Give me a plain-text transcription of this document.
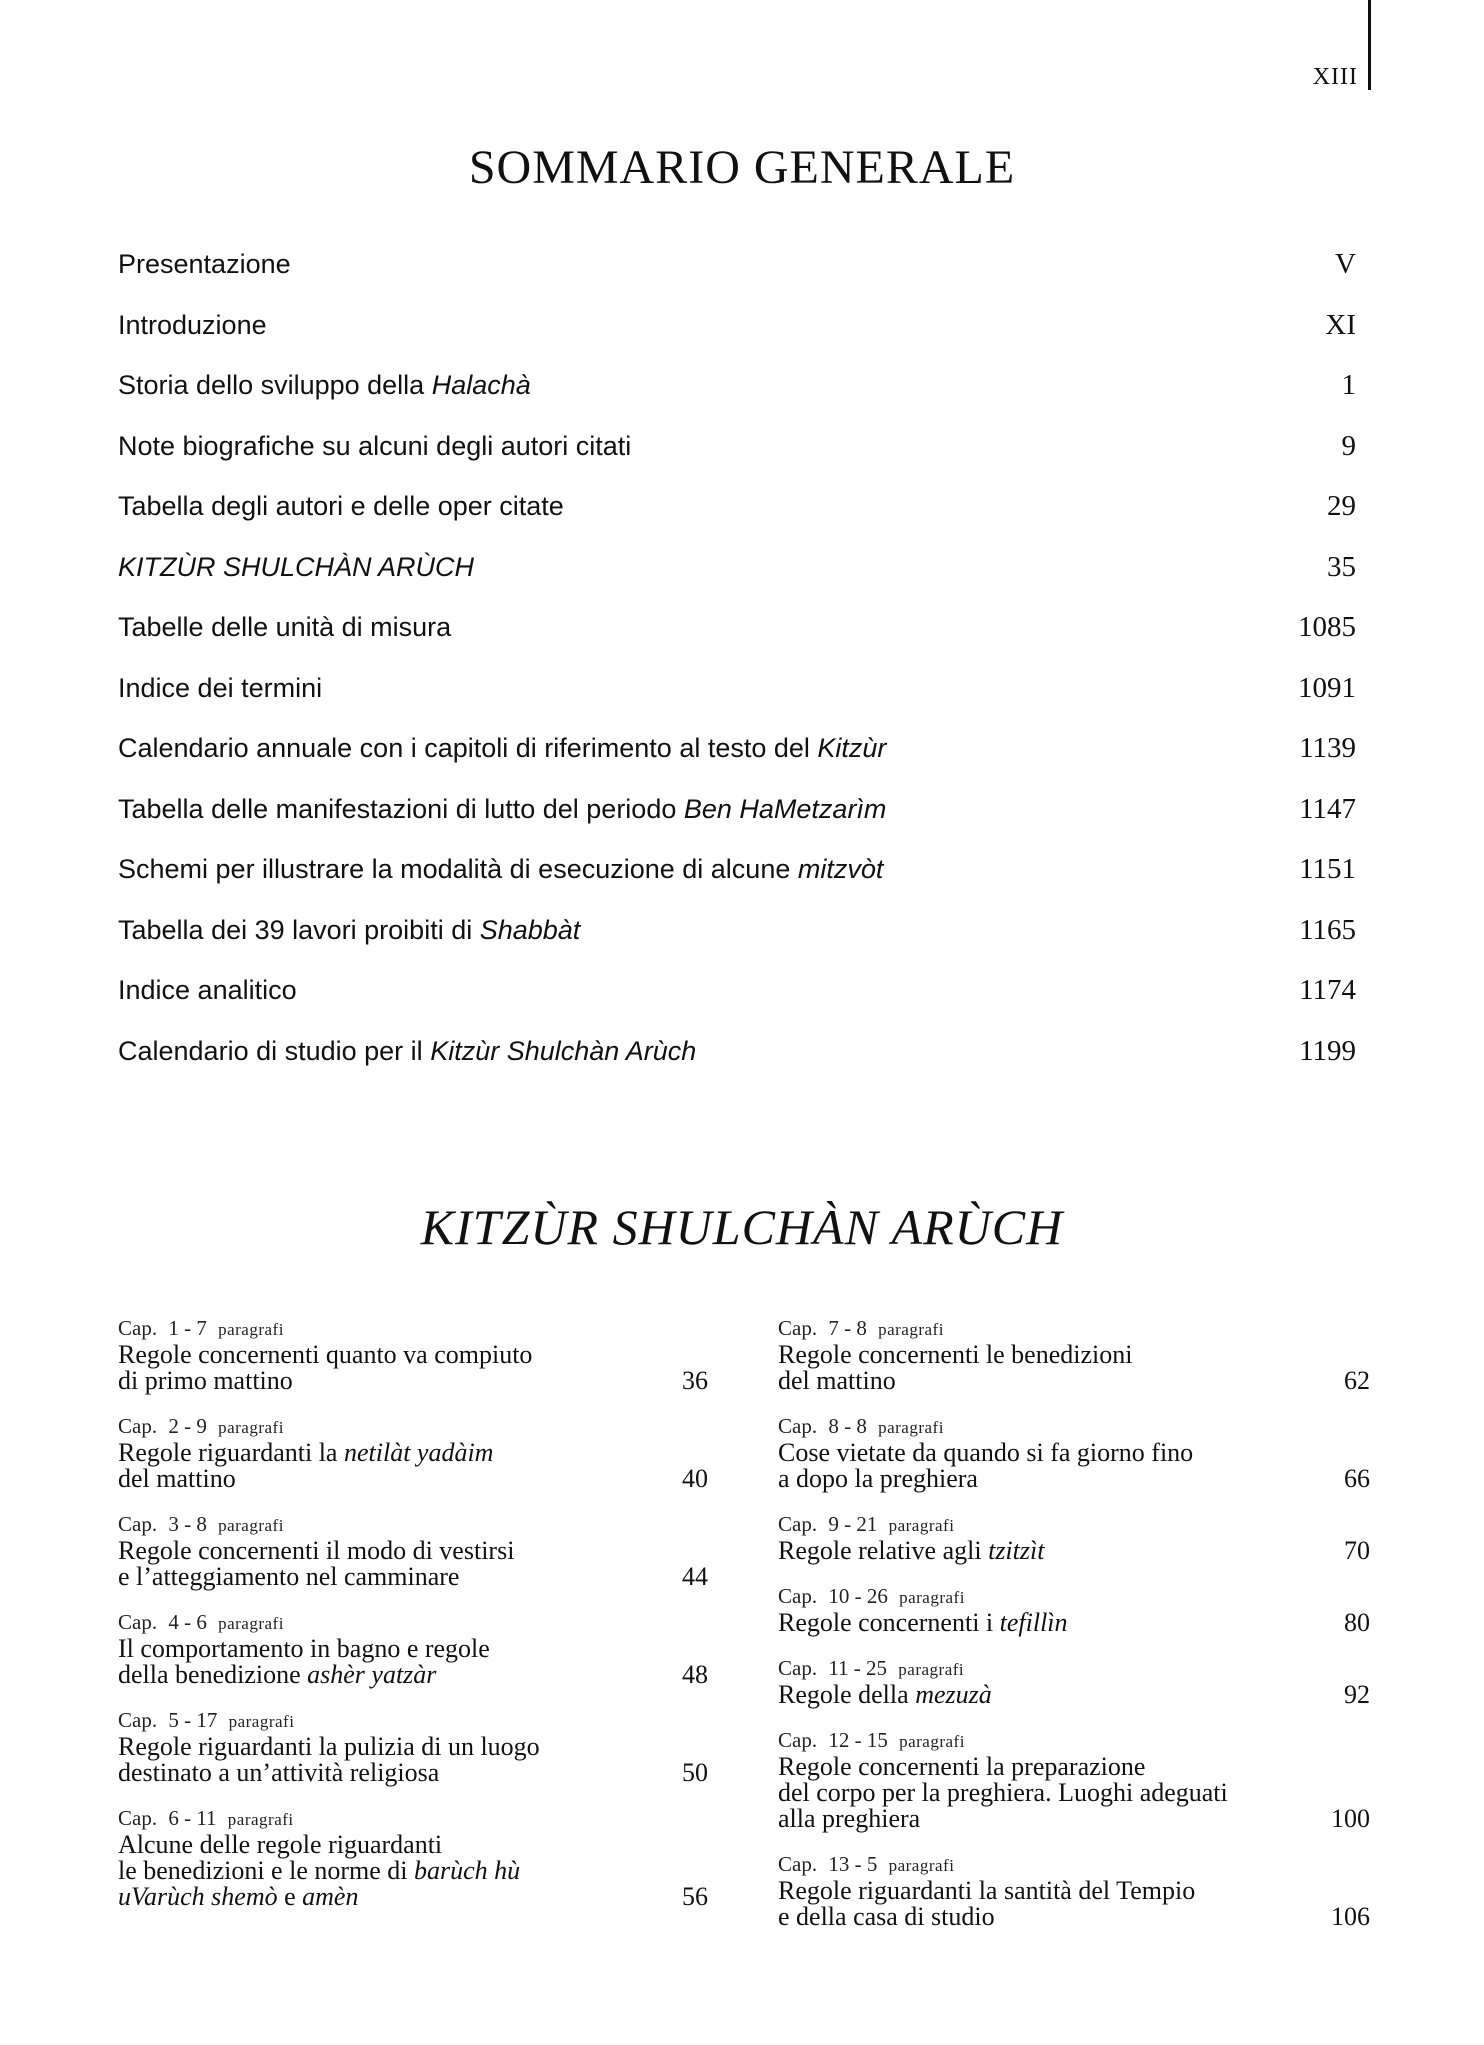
XIII
SOMMARIO GENERALE
Presentazione	V
Introduzione	XI
Storia dello sviluppo della Halachà	1
Note biografiche su alcuni degli autori citati	9
Tabella degli autori e delle oper citate	29
KITZÙR SHULCHÀN ARÙCH	35
Tabelle delle unità di misura	1085
Indice dei termini	1091
Calendario annuale con i capitoli di riferimento al testo del Kitzùr	1139
Tabella delle manifestazioni di lutto del periodo Ben HaMetzarìm	1147
Schemi per illustrare la modalità di esecuzione di alcune mitzvòt	1151
Tabella dei 39 lavori proibiti di Shabbàt	1165
Indice analitico	1174
Calendario di studio per il Kitzùr Shulchàn Arùch	1199
KITZÙR SHULCHÀN ARÙCH
Cap. 1 - 7 paragrafi
Regole concernenti quanto va compiuto
di primo mattino	36
Cap. 2 - 9 paragrafi
Regole riguardanti la netilàt yadàim
del mattino	40
Cap. 3 - 8 paragrafi
Regole concernenti il modo di vestirsi
e l’atteggiamento nel camminare	44
Cap. 4 - 6 paragrafi
Il comportamento in bagno e regole
della benedizione ashèr yatzàr	48
Cap. 5 - 17 paragrafi
Regole riguardanti la pulizia di un luogo
destinato a un’attività religiosa	50
Cap. 6 - 11 paragrafi
Alcune delle regole riguardanti
le benedizioni e le norme di barùch hù
uVarùch shemò e amèn	56
Cap. 7 - 8 paragrafi
Regole concernenti le benedizioni
del mattino	62
Cap. 8 - 8 paragrafi
Cose vietate da quando si fa giorno fino
a dopo la preghiera	66
Cap. 9 - 21 paragrafi
Regole relative agli tzitzìt	70
Cap. 10 - 26 paragrafi
Regole concernenti i tefillìn	80
Cap. 11 - 25 paragrafi
Regole della mezuzà	92
Cap. 12 - 15 paragrafi
Regole concernenti la preparazione
del corpo per la preghiera. Luoghi adeguati
alla preghiera	100
Cap. 13 - 5 paragrafi
Regole riguardanti la santità del Tempio
e della casa di studio	106
